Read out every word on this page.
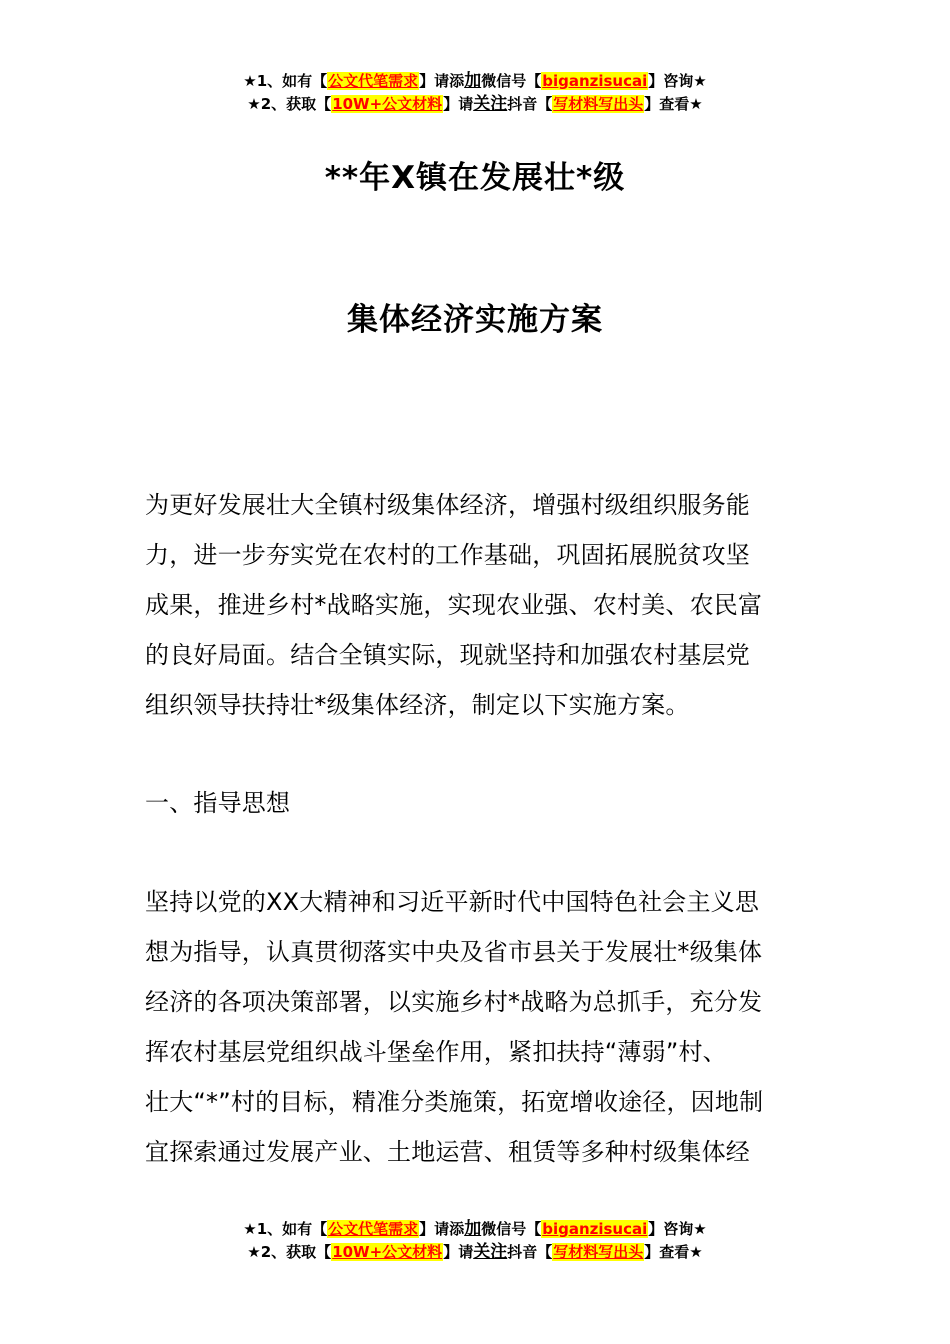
★1、如有【公文代笔需求】请添加微信号【biganzisucai】咨询★
★2、获取【10W+公文材料】请关注抖音【写材料写出头】查看★
**年X镇在发展壮*级
集体经济实施方案
为更好发展壮大全镇村级集体经济，增强村级组织服务能
力，进一步夯实党在农村的工作基础，巩固拓展脱贫攻坚
成果，推进乡村*战略实施，实现农业强、农村美、农民富
的良好局面。结合全镇实际，现就坚持和加强农村基层党
组织领导扶持壮*级集体经济，制定以下实施方案。
一、指导思想
坚持以党的XX大精神和习近平新时代中国特色社会主义思
想为指导，认真贯彻落实中央及省市县关于发展壮*级集体
经济的各项决策部署，以实施乡村*战略为总抓手，充分发
挥农村基层党组织战斗堡垒作用，紧扣扶持“薄弱”村、
壮大“*”村的目标，精准分类施策，拓宽增收途径，因地制
宜探索通过发展产业、土地运营、租赁等多种村级集体经
★1、如有【公文代笔需求】请添加微信号【biganzisucai】咨询★
★2、获取【10W+公文材料】请关注抖音【写材料写出头】查看★
